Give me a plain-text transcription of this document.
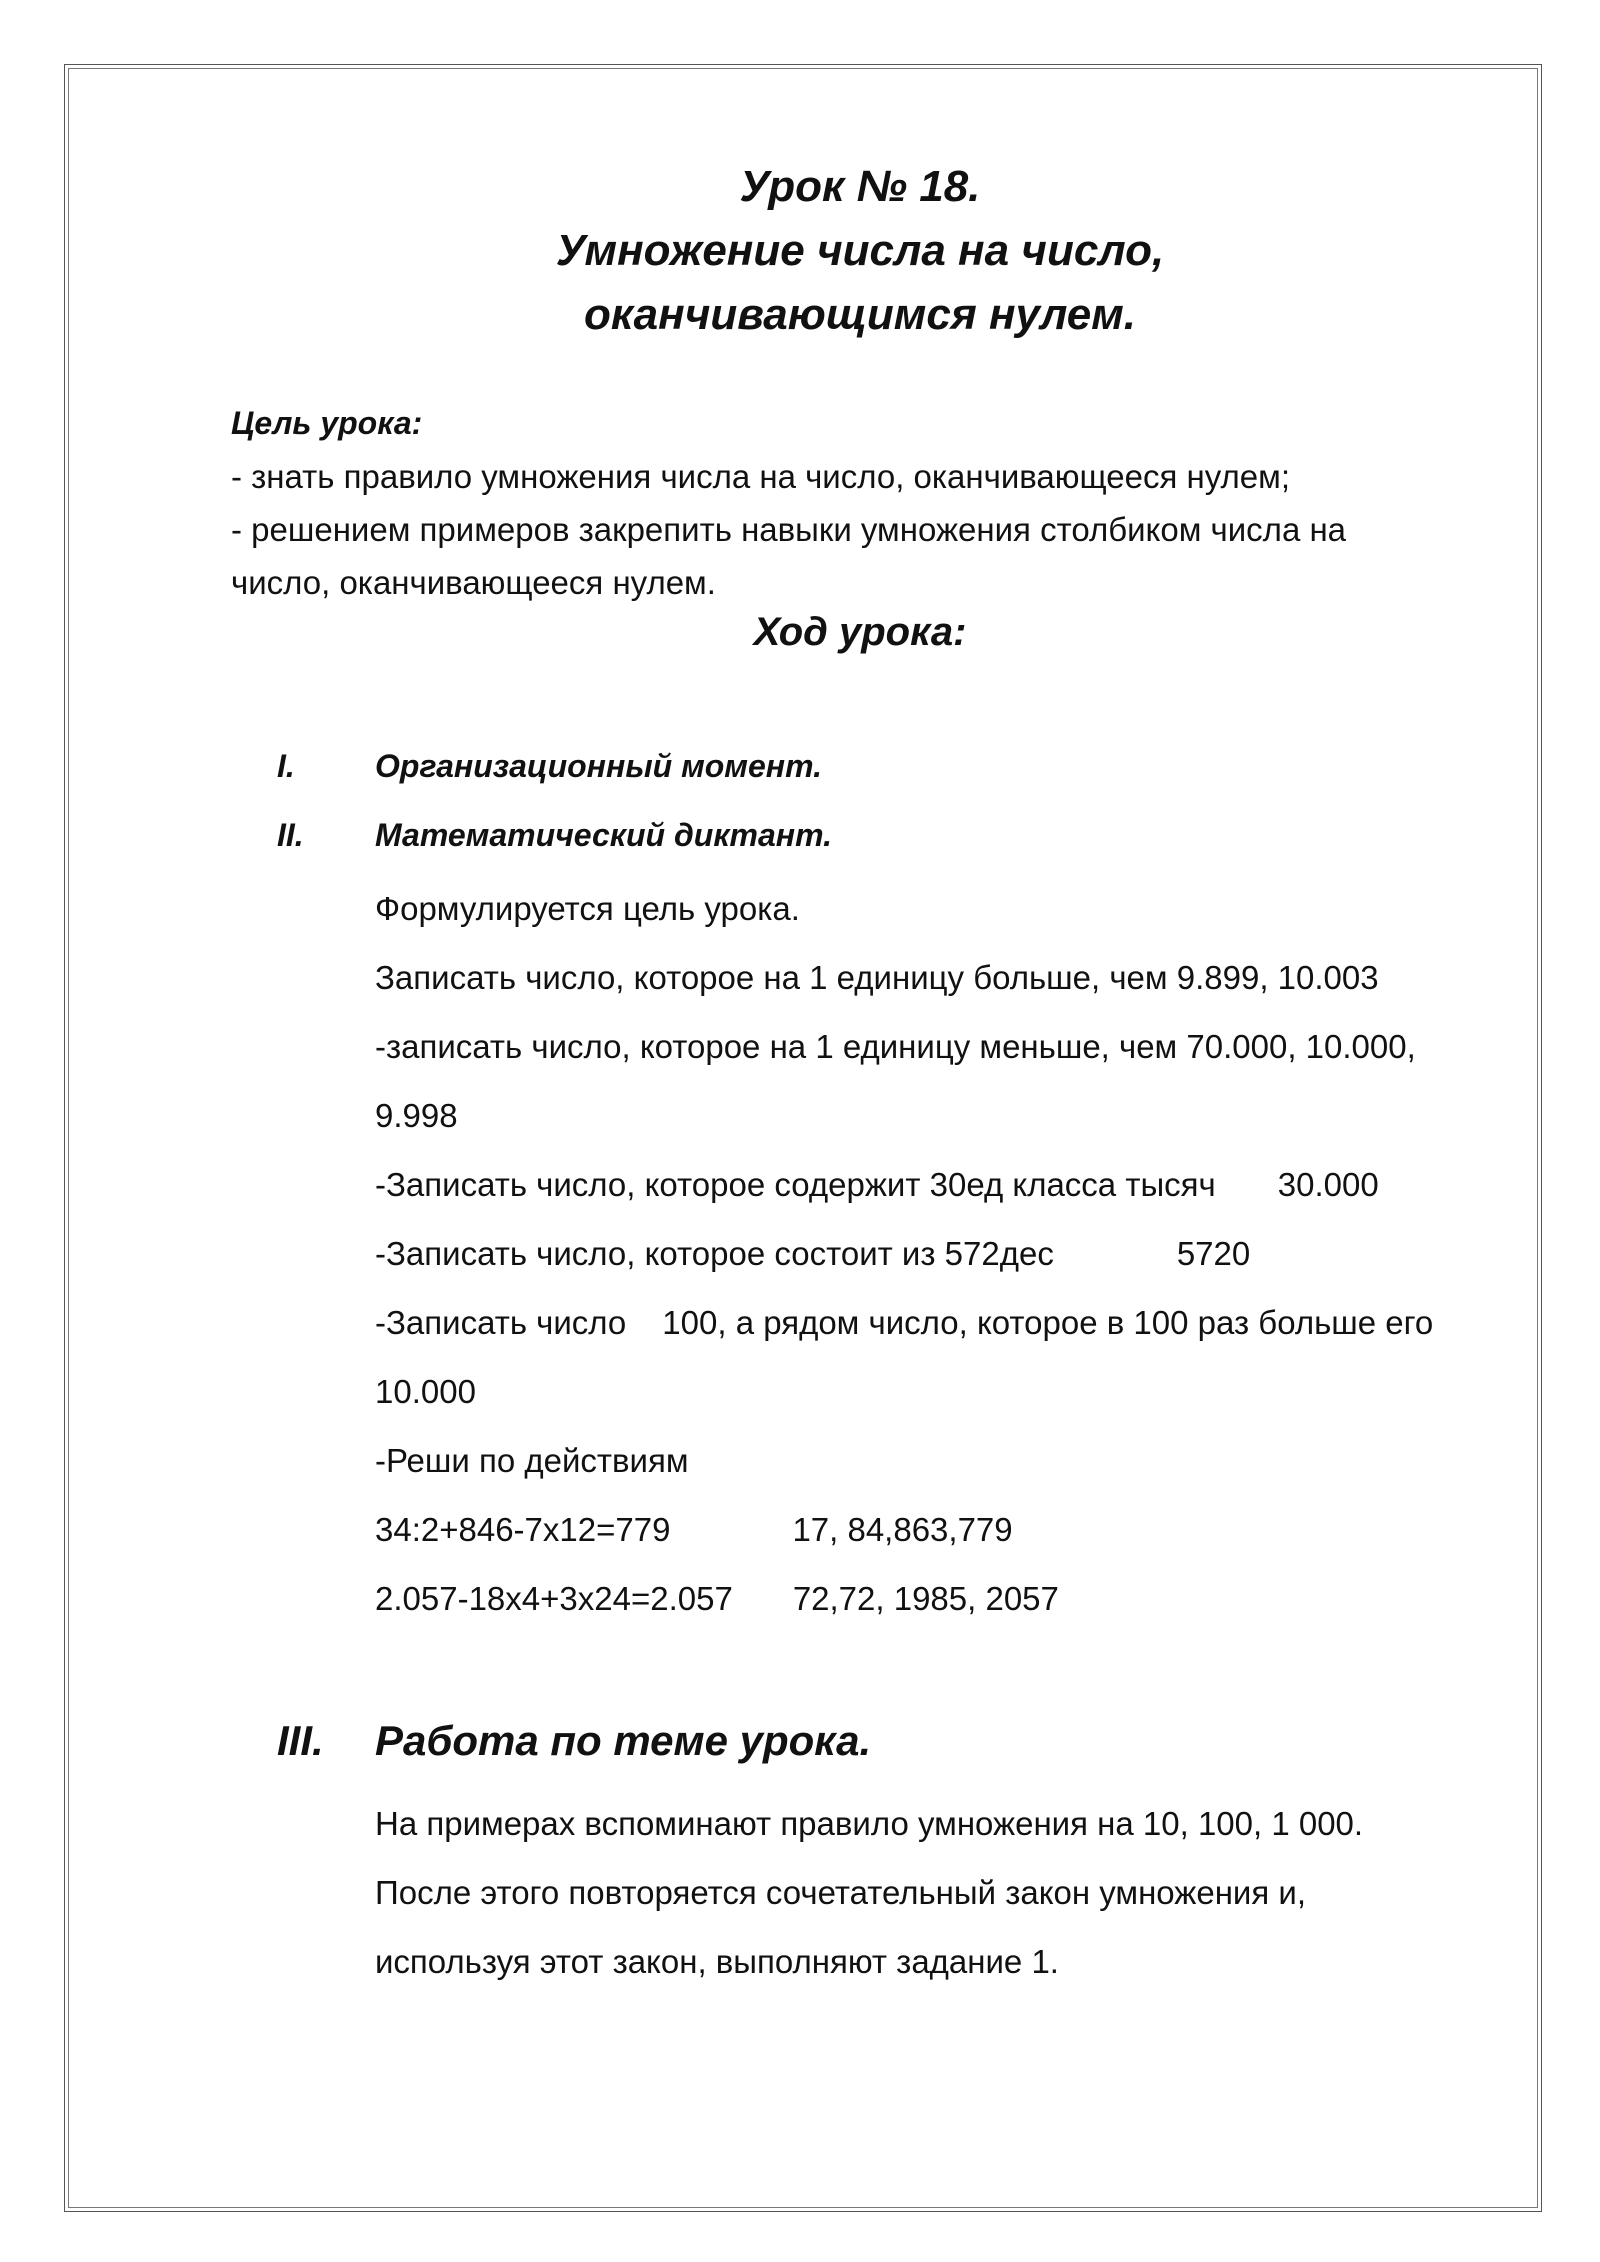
Урок № 18.
Умножение числа на число,
оканчивающимся нулем.
Цель урока:
- знать правило умножения числа на число, оканчивающееся нулем;
- решением примеров закрепить навыки умножения столбиком числа на
число, оканчивающееся нулем.
Ход урока:
I.	Организационный момент.
II.	Математический диктант.
Формулируется цель урока.
Записать число, которое на 1 единицу больше, чем 9.899, 10.003
-записать число, которое на 1 единицу меньше, чем 70.000, 10.000,
9.998
-Записать число, которое содержит 30ед класса тысяч 30.000
-Записать число, которое состоит из 572дес	5720
-Записать число 100, а рядом число, которое в 100 раз больше его
10.000
-Реши по действиям
34:2+846-7х12=779	17, 84,863,779
2.057-18х4+3х24=2.057 72,72, 1985, 2057
III.	Работа по теме урока.
На примерах вспоминают правило умножения на 10, 100, 1 000.
После этого повторяется сочетательный закон умножения и,
используя этот закон, выполняют задание 1.
